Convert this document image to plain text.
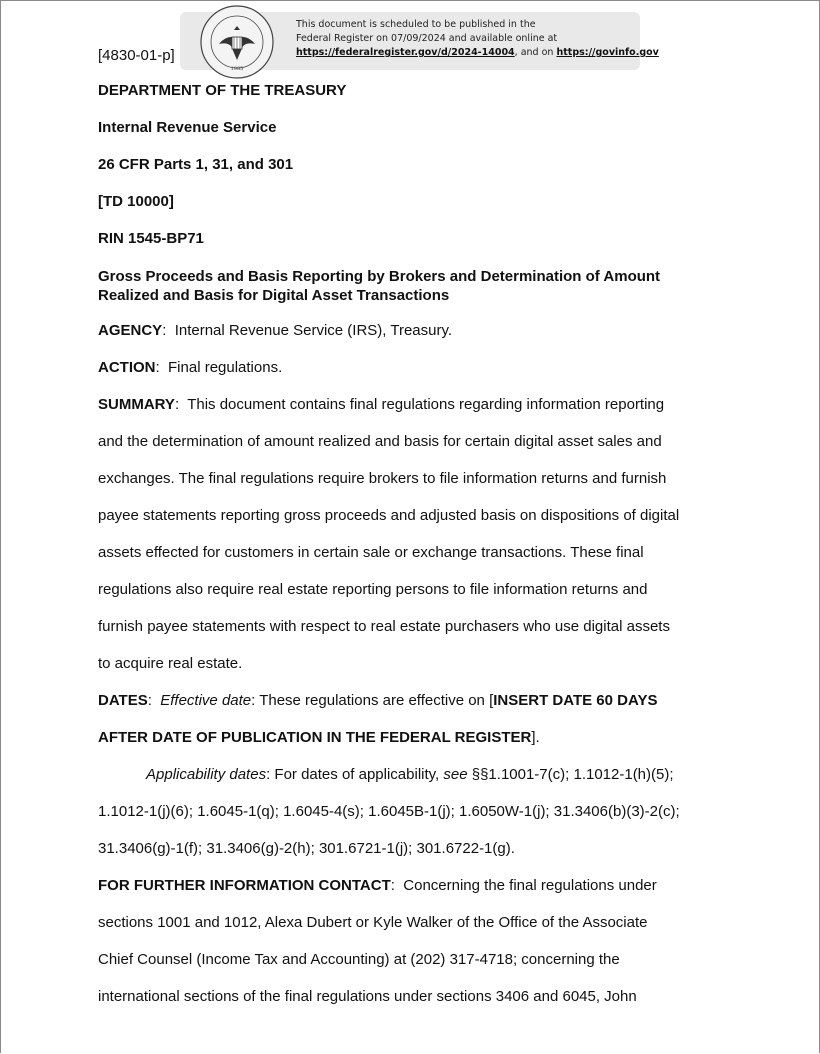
1985
This document is scheduled to be published in the
Federal Register on 07/09/2024 and available online at
https://federalregister.gov/d/2024-14004, and on https://govinfo.gov
[4830-01-p]

DEPARTMENT OF THE TREASURY

Internal Revenue Service

26 CFR Parts 1, 31, and 301

[TD 10000]

RIN 1545-BP71

Gross Proceeds and Basis Reporting by Brokers and Determination of Amount
Realized and Basis for Digital Asset Transactions

AGENCY:  Internal Revenue Service (IRS), Treasury.

ACTION:  Final regulations.

SUMMARY:  This document contains final regulations regarding information reporting
and the determination of amount realized and basis for certain digital asset sales and
exchanges. The final regulations require brokers to file information returns and furnish
payee statements reporting gross proceeds and adjusted basis on dispositions of digital
assets effected for customers in certain sale or exchange transactions. These final
regulations also require real estate reporting persons to file information returns and
furnish payee statements with respect to real estate purchasers who use digital assets
to acquire real estate.
DATES:  Effective date: These regulations are effective on [INSERT DATE 60 DAYS
AFTER DATE OF PUBLICATION IN THE FEDERAL REGISTER].
Applicability dates: For dates of applicability, see §§1.1001-7(c); 1.1012-1(h)(5);
1.1012-1(j)(6); 1.6045-1(q); 1.6045-4(s); 1.6045B-1(j); 1.6050W-1(j); 31.3406(b)(3)-2(c);
31.3406(g)-1(f); 31.3406(g)-2(h); 301.6721-1(j); 301.6722-1(g).
FOR FURTHER INFORMATION CONTACT:  Concerning the final regulations under
sections 1001 and 1012, Alexa Dubert or Kyle Walker of the Office of the Associate
Chief Counsel (Income Tax and Accounting) at (202) 317-4718; concerning the
international sections of the final regulations under sections 3406 and 6045, John
